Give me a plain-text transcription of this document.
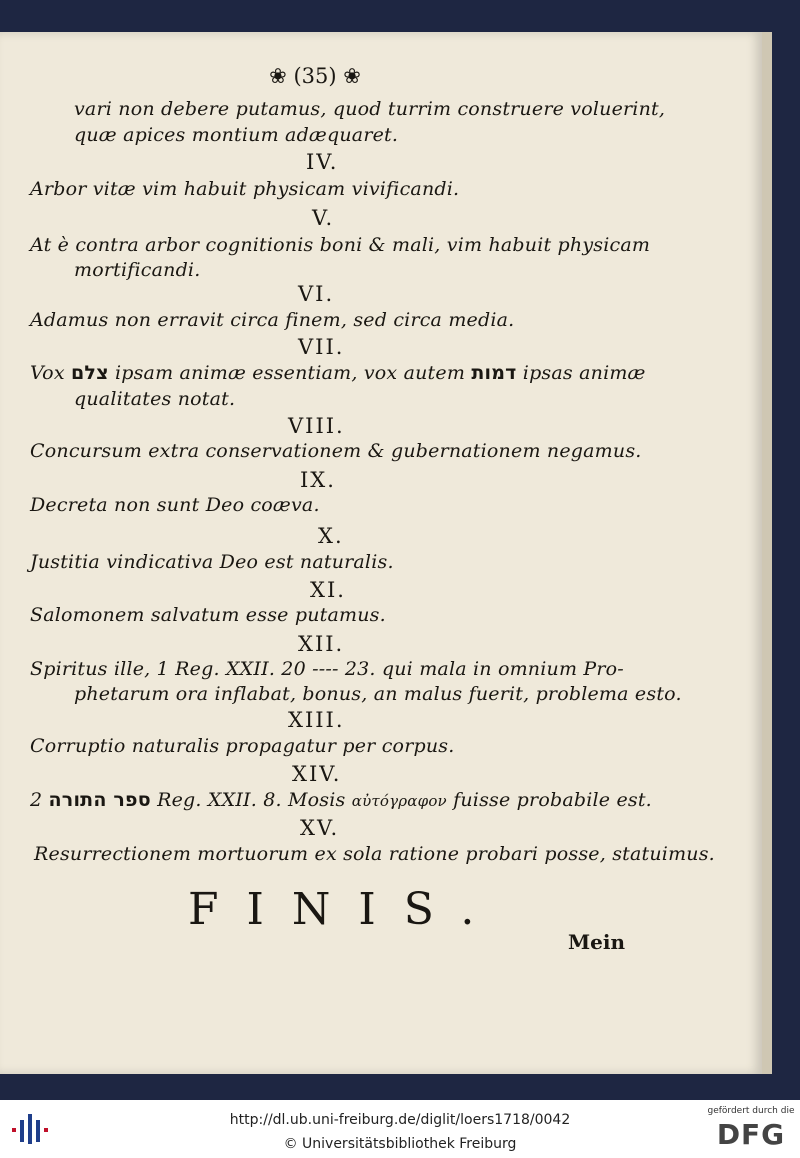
❀ (35) ❀
vari non debere putamus, quod turrim construere voluerint,
quæ apices montium adæquaret.
IV.
Arbor vitæ vim habuit physicam vivificandi.
V.
At è contra arbor cognitionis boni & mali, vim habuit physicam
mortificandi.
VI.
Adamus non erravit circa finem, sed circa media.
VII.
Vox צלם ipsam animæ essentiam, vox autem דמות ipsas animæ
qualitates notat.
VIII.
Concursum extra conservationem & gubernationem negamus.
IX.
Decreta non sunt Deo coæva.
X.
Justitia vindicativa Deo est naturalis.
XI.
Salomonem salvatum esse putamus.
XII.
Spiritus ille, 1 Reg. XXII. 20 ---- 23. qui mala in omnium Pro-
phetarum ora inflabat, bonus, an malus fuerit, problema esto.
XIII.
Corruptio naturalis propagatur per corpus.
XIV.
ספר התורה 2 Reg. XXII. 8. Mosis αὐτόγραφον fuisse probabile est.
XV.
Resurrectionem mortuorum ex sola ratione probari posse, statuimus.
FINIS.
Mein
http://dl.ub.uni-freiburg.de/diglit/loers1718/0042
© Universitätsbibliothek Freiburg
gefördert durch die
DFG
